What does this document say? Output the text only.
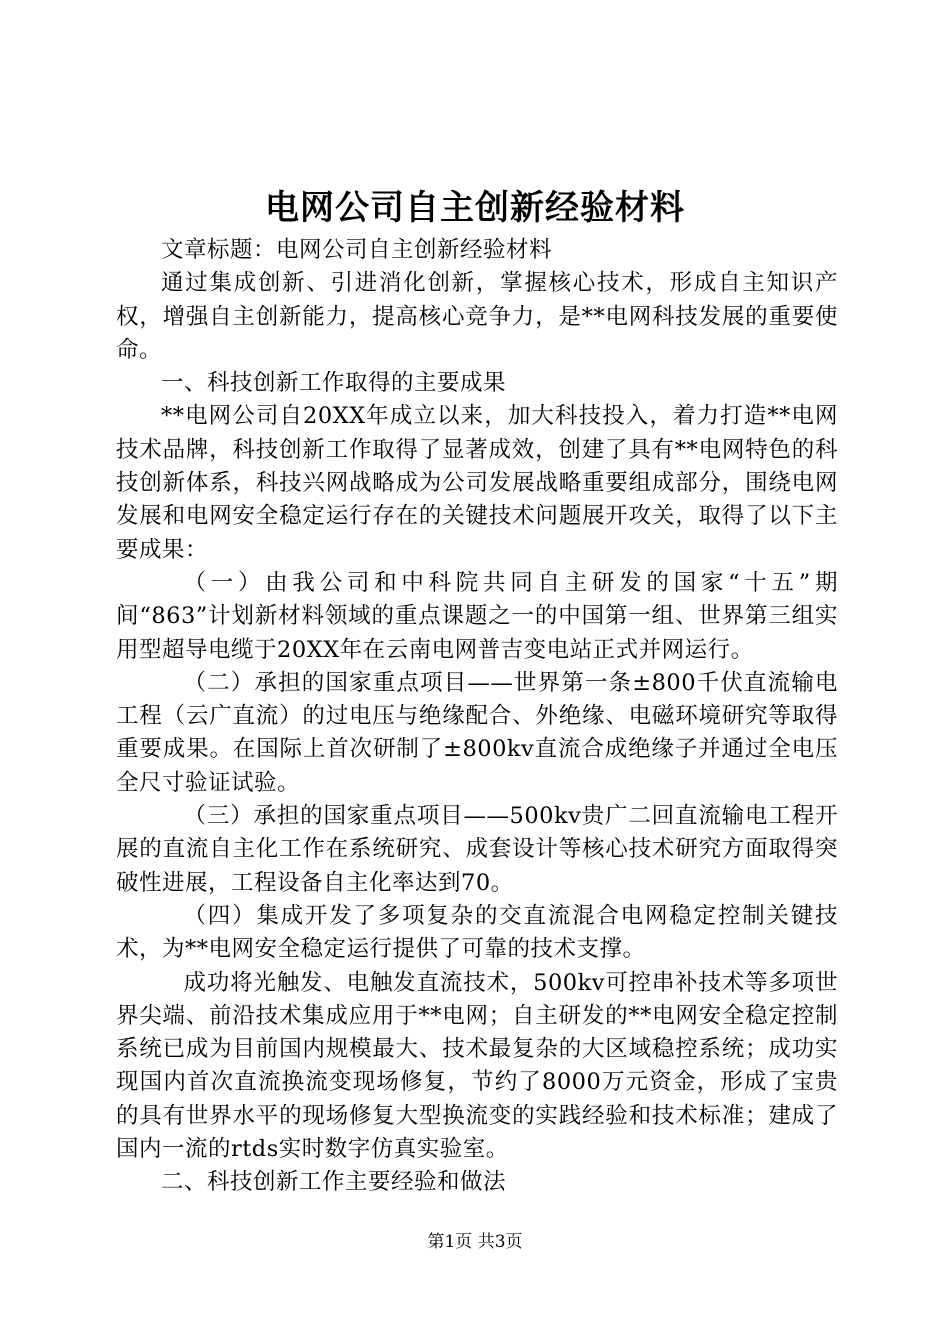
电网公司自主创新经验材料

文章标题：电网公司自主创新经验材料

通过集成创新、引进消化创新，掌握核心技术，形成自主知识产权，增强自主创新能力，提高核心竞争力，是**电网科技发展的重要使命。

一、科技创新工作取得的主要成果

**电网公司自20XX年成立以来，加大科技投入，着力打造**电网技术品牌，科技创新工作取得了显著成效，创建了具有**电网特色的科技创新体系，科技兴网战略成为公司发展战略重要组成部分，围绕电网发展和电网安全稳定运行存在的关键技术问题展开攻关，取得了以下主要成果：

（一）由我公司和中科院共同自主研发的国家“十五”期间“863”计划新材料领域的重点课题之一的中国第一组、世界第三组实用型超导电缆于20XX年在云南电网普吉变电站正式并网运行。

（二）承担的国家重点项目——世界第一条±800千伏直流输电工程（云广直流）的过电压与绝缘配合、外绝缘、电磁环境研究等取得重要成果。在国际上首次研制了±800kv直流合成绝缘子并通过全电压全尺寸验证试验。

（三）承担的国家重点项目——500kv贵广二回直流输电工程开展的直流自主化工作在系统研究、成套设计等核心技术研究方面取得突破性进展，工程设备自主化率达到70。

（四）集成开发了多项复杂的交直流混合电网稳定控制关键技术，为**电网安全稳定运行提供了可靠的技术支撑。

成功将光触发、电触发直流技术，500kv可控串补技术等多项世界尖端、前沿技术集成应用于**电网；自主研发的**电网安全稳定控制系统已成为目前国内规模最大、技术最复杂的大区域稳控系统；成功实现国内首次直流换流变现场修复，节约了8000万元资金，形成了宝贵的具有世界水平的现场修复大型换流变的实践经验和技术标准；建成了国内一流的rtds实时数字仿真实验室。

二、科技创新工作主要经验和做法

第1页 共3页
